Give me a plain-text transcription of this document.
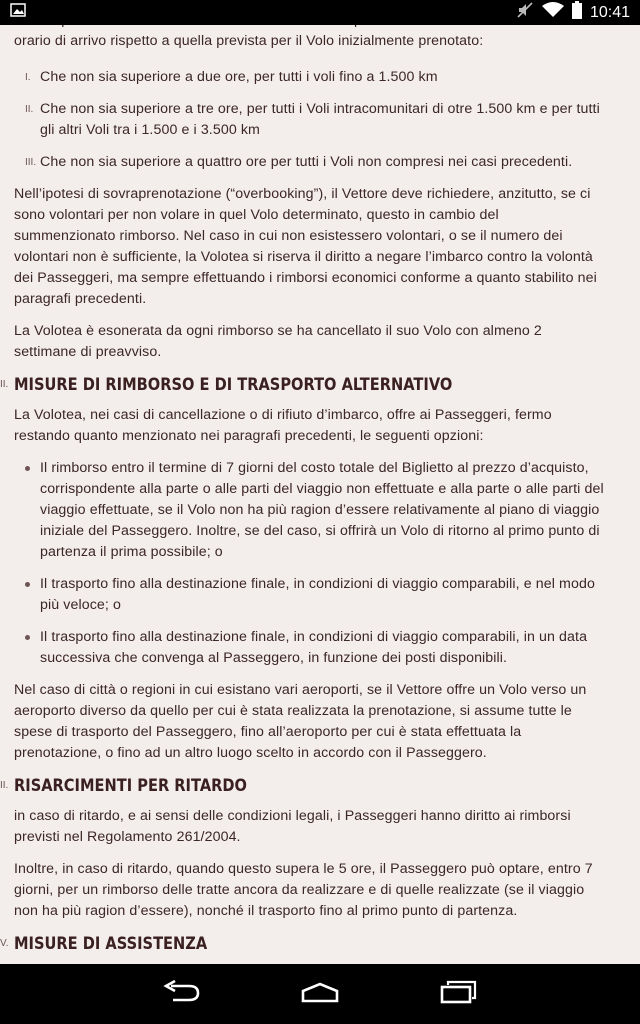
10:41
orario di arrivo rispetto a quella prevista per il Volo inizialmente prenotato:
I. Che non sia superiore a due ore, per tutti i voli fino a 1.500 km
II. Che non sia superiore a tre ore, per tutti i Voli intracomunitari di otre 1.500 km e per tutti
gli altri Voli tra i 1.500 e i 3.500 km
III. Che non sia superiore a quattro ore per tutti i Voli non compresi nei casi precedenti.
Nell’ipotesi di sovraprenotazione (“overbooking”), il Vettore deve richiedere, anzitutto, se ci
sono volontari per non volare in quel Volo determinato, questo in cambio del
summenzionato rimborso. Nel caso in cui non esistessero volontari, o se il numero dei
volontari non è sufficiente, la Volotea si riserva il diritto a negare l’imbarco contro la volontà
dei Passeggeri, ma sempre effettuando i rimborsi economici conforme a quanto stabilito nei
paragrafi precedenti.
La Volotea è esonerata da ogni rimborso se ha cancellato il suo Volo con almeno 2
settimane di preavviso.
II. MISURE DI RIMBORSO E DI TRASPORTO ALTERNATIVO
La Volotea, nei casi di cancellazione o di rifiuto d’imbarco, offre ai Passeggeri, fermo
restando quanto menzionato nei paragrafi precedenti, le seguenti opzioni:
Il rimborso entro il termine di 7 giorni del costo totale del Biglietto al prezzo d’acquisto,
corrispondente alla parte o alle parti del viaggio non effettuate e alla parte o alle parti del
viaggio effettuate, se il Volo non ha più ragion d’essere relativamente al piano di viaggio
iniziale del Passeggero. Inoltre, se del caso, si offrirà un Volo di ritorno al primo punto di
partenza il prima possibile; o
Il trasporto fino alla destinazione finale, in condizioni di viaggio comparabili, e nel modo
più veloce; o
Il trasporto fino alla destinazione finale, in condizioni di viaggio comparabili, in un data
successiva che convenga al Passeggero, in funzione dei posti disponibili.
Nel caso di città o regioni in cui esistano vari aeroporti, se il Vettore offre un Volo verso un
aeroporto diverso da quello per cui è stata realizzata la prenotazione, si assume tutte le
spese di trasporto del Passeggero, fino all’aeroporto per cui è stata effettuata la
prenotazione, o fino ad un altro luogo scelto in accordo con il Passeggero.
II. RISARCIMENTI PER RITARDO
in caso di ritardo, e ai sensi delle condizioni legali, i Passeggeri hanno diritto ai rimborsi
previsti nel Regolamento 261/2004.
Inoltre, in caso di ritardo, quando questo supera le 5 ore, il Passeggero può optare, entro 7
giorni, per un rimborso delle tratte ancora da realizzare e di quelle realizzate (se il viaggio
non ha più ragion d’essere), nonché il trasporto fino al primo punto di partenza.
V. MISURE DI ASSISTENZA
